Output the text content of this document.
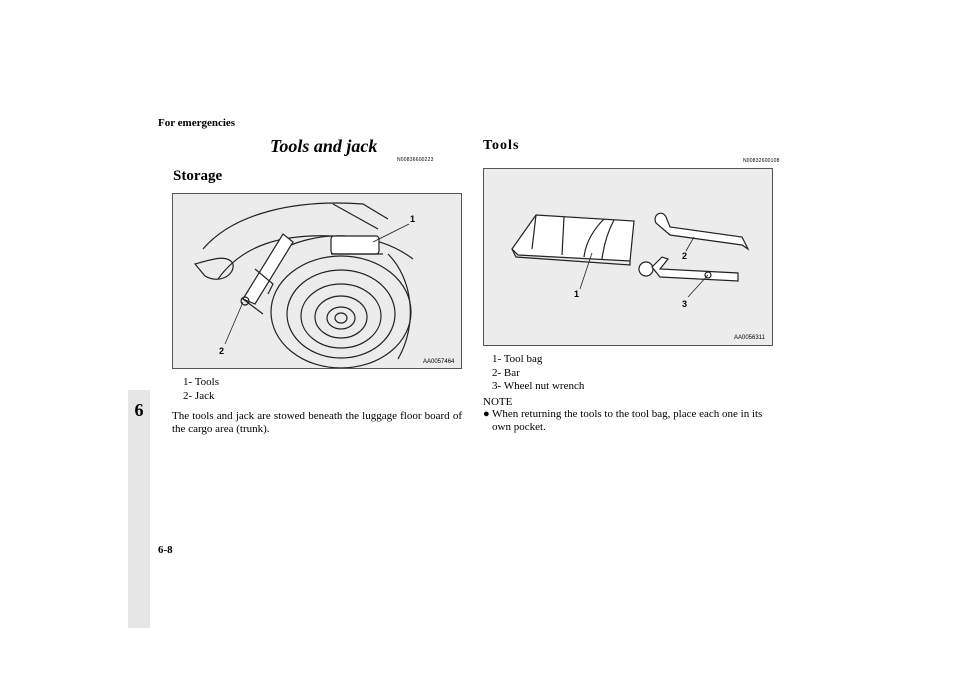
6
For emergencies
6-8
Tools and jack
N00836600223
Storage
1
2
AA0057464
1- Tools
2- Jack
The tools and jack are stowed beneath the luggage floor board of the cargo area (trunk).
Tools
N00832600108
1
2
3
AA0056311
1- Tool bag
2- Bar
3- Wheel nut wrench
NOTE
● When returning the tools to the tool bag, place each one in its own pocket.
